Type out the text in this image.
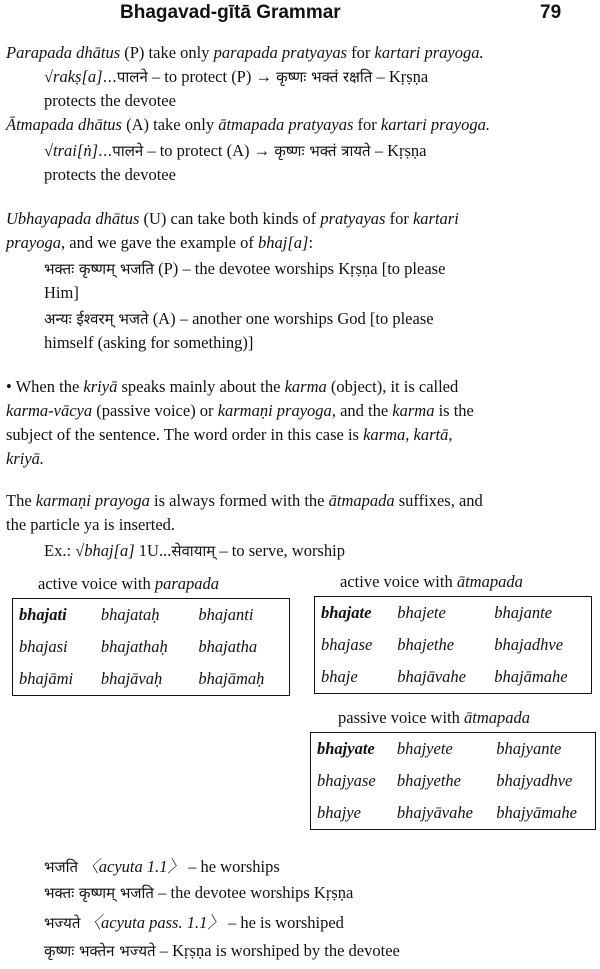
Bhagavad-gītā Grammar	79
Parapada dhātus (P) take only parapada pratyayas for kartari prayoga.
√rakṣ[a]...पालने – to protect (P) → कृष्णः भक्तं रक्षति – Kṛṣṇa
protects the devotee
Ātmapada dhātus (A) take only ātmapada pratyayas for kartari prayoga.
√trai[ṅ]...पालने – to protect (A) → कृष्णः भक्तं त्रायते – Kṛṣṇa
protects the devotee
Ubhayapada dhātus (U) can take both kinds of pratyayas for kartari
prayoga, and we gave the example of bhaj[a]:
भक्तः कृष्णम् भजति (P) – the devotee worships Kṛṣṇa [to please
Him]
अन्यः ईश्वरम् भजते (A) – another one worships God [to please
himself (asking for something)]
• When the kriyā speaks mainly about the karma (object), it is called
karma-vācya (passive voice) or karmaṇi prayoga, and the karma is the
subject of the sentence. The word order in this case is karma, kartā,
kriyā.
The karmaṇi prayoga is always formed with the ātmapada suffixes, and
the particle ya is inserted.
Ex.: √bhaj[a] 1U...सेवायाम् – to serve, worship
active voice with parapada	active voice with ātmapada
bhajati	bhajataḥ	bhajanti
bhajasi	bhajathaḥ	bhajatha
bhajāmi	bhajāvaḥ	bhajāmaḥ
bhajate	bhajete	bhajante
bhajase	bhajethe	bhajadhve
bhaje	bhajāvahe	bhajāmahe
passive voice with ātmapada
bhajyate	bhajyete	bhajyante
bhajyase	bhajyethe	bhajyadhve
bhajye	bhajyāvahe	bhajyāmahe
भजति 〈acyuta 1.1〉 – he worships
भक्तः कृष्णम् भजति – the devotee worships Kṛṣṇa
भज्यते 〈acyuta pass. 1.1〉 – he is worshiped
कृष्णः भक्तेन भज्यते – Kṛṣṇa is worshiped by the devotee
